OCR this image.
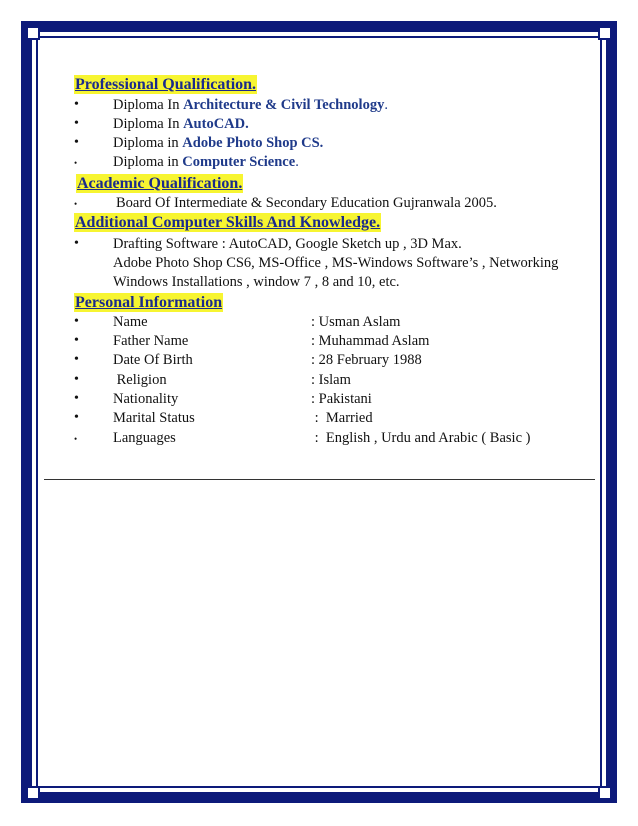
Professional Qualification.
• Diploma In Architecture & Civil Technology.
• Diploma In AutoCAD.
• Diploma in Adobe Photo Shop CS.
• Diploma in Computer Science.
Academic Qualification.
•	Board Of Intermediate & Secondary Education Gujranwala 2005.
Additional Computer Skills And Knowledge.
• Drafting Software : AutoCAD, Google Sketch up , 3D Max.
Adobe Photo Shop CS6, MS-Office , MS-Windows Software’s , Networking
Windows Installations , window 7 , 8 and 10, etc.
Personal Information
• Name	: Usman Aslam
• Father Name	: Muhammad Aslam
• Date Of Birth	: 28 February 1988
• Religion	: Islam
• Nationality	: Pakistani
• Marital Status	:  Married
• Languages	:  English , Urdu and Arabic ( Basic )
